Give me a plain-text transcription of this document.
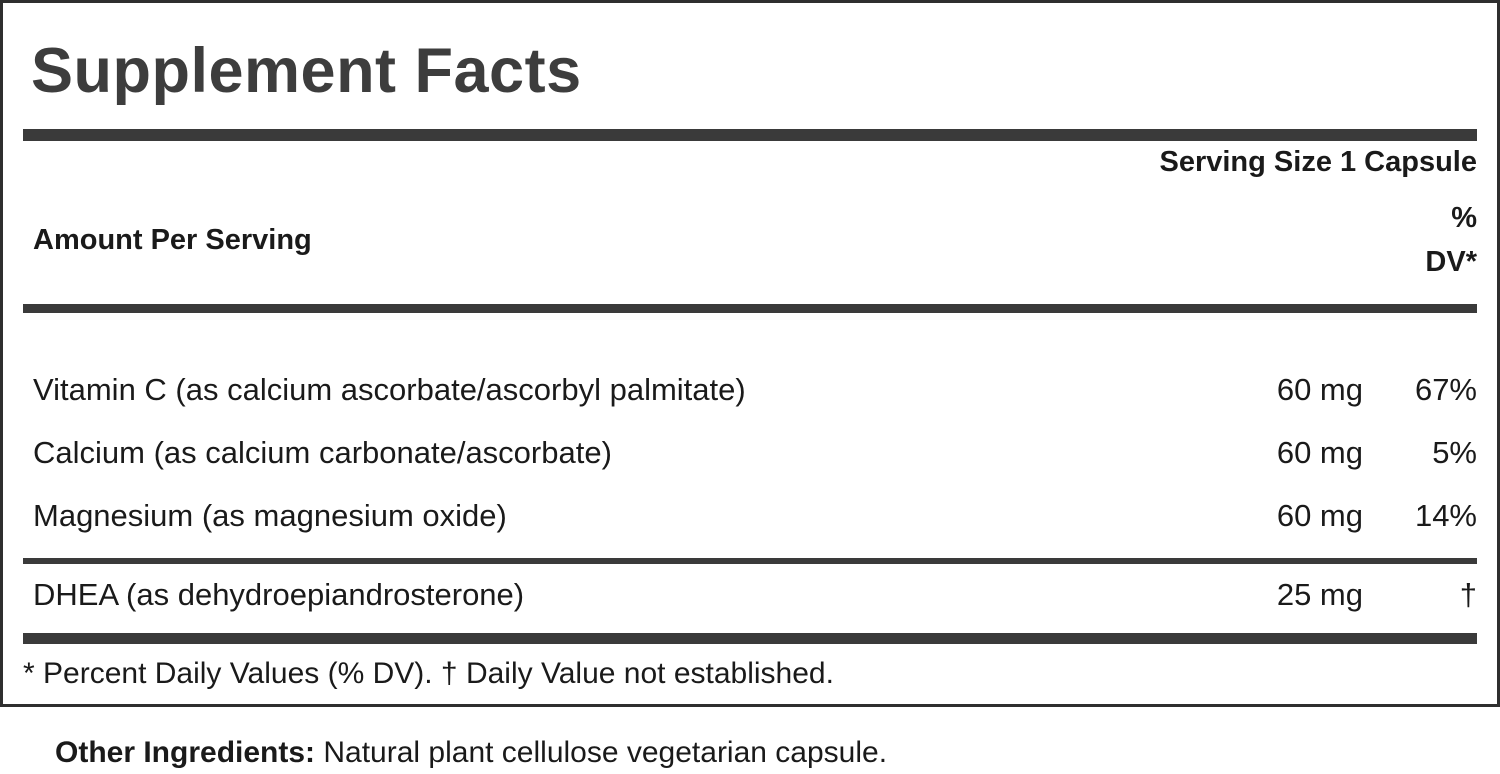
Supplement Facts
Serving Size 1 Capsule
Amount Per Serving
%
DV*
Vitamin C (as calcium ascorbate/ascorbyl palmitate)	60 mg	67%
Calcium (as calcium carbonate/ascorbate)	60 mg	5%
Magnesium (as magnesium oxide)	60 mg	14%
DHEA (as dehydroepiandrosterone)	25 mg	†
* Percent Daily Values (% DV). † Daily Value not established.
Other Ingredients: Natural plant cellulose vegetarian capsule.
